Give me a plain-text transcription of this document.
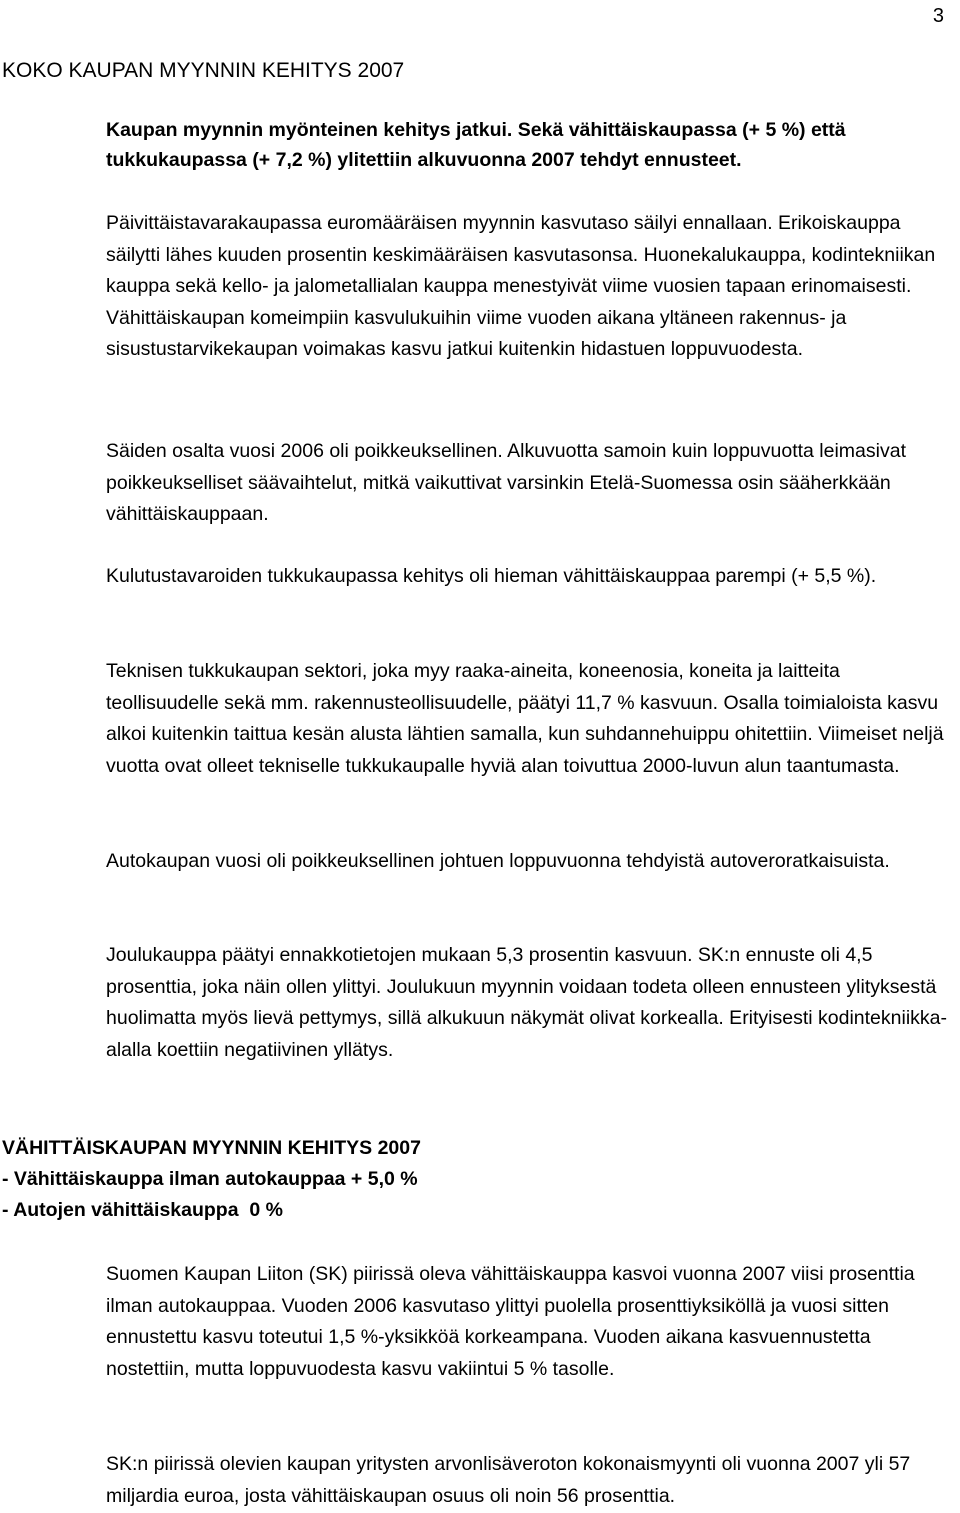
3
KOKO KAUPAN MYYNNIN KEHITYS 2007

Kaupan myynnin myönteinen kehitys jatkui. Sekä vähittäiskaupassa (+ 5 %) että tukkukaupassa (+ 7,2 %) ylitettiin alkuvuonna 2007 tehdyt ennusteet.

Päivittäistavarakaupassa euromääräisen myynnin kasvutaso säilyi ennallaan. Erikoiskauppa säilytti lähes kuuden prosentin keskimääräisen kasvutasonsa. Huonekalukauppa, kodintekniikan kauppa sekä kello- ja jalometallialan kauppa menestyivät viime vuosien tapaan erinomaisesti. Vähittäiskaupan komeimpiin kasvulukuihin viime vuoden aikana yltäneen rakennus- ja sisustustarvikekaupan voimakas kasvu jatkui kuitenkin hidastuen loppuvuodesta.

Säiden osalta vuosi 2006 oli poikkeuksellinen. Alkuvuotta samoin kuin loppuvuotta leimasivat poikkeukselliset säävaihtelut, mitkä vaikuttivat varsinkin Etelä-Suomessa osin sääherkkään vähittäiskauppaan.

Kulutustavaroiden tukkukaupassa kehitys oli hieman vähittäiskauppaa parempi (+ 5,5 %).

Teknisen tukkukaupan sektori, joka myy raaka-aineita, koneenosia, koneita ja laitteita teollisuudelle sekä mm. rakennusteollisuudelle, päätyi 11,7 % kasvuun. Osalla toimialoista kasvu alkoi kuitenkin taittua kesän alusta lähtien samalla, kun suhdannehuippu ohitettiin. Viimeiset neljä vuotta ovat olleet tekniselle tukkukaupalle hyviä alan toivuttua 2000-luvun alun taantumasta.

Autokaupan vuosi oli poikkeuksellinen johtuen loppuvuonna tehdyistä autoveroratkaisuista.

Joulukauppa päätyi ennakkotietojen mukaan 5,3 prosentin kasvuun. SK:n ennuste oli 4,5 prosenttia, joka näin ollen ylittyi. Joulukuun myynnin voidaan todeta olleen ennusteen ylityksestä huolimatta myös lievä pettymys, sillä alkukuun näkymät olivat korkealla. Erityisesti kodintekniikka-alalla koettiin negatiivinen yllätys.

VÄHITTÄISKAUPAN MYYNNIN KEHITYS 2007
- Vähittäiskauppa ilman autokauppaa + 5,0 %
- Autojen vähittäiskauppa  0 %

Suomen Kaupan Liiton (SK) piirissä oleva vähittäiskauppa kasvoi vuonna 2007 viisi prosenttia ilman autokauppaa. Vuoden 2006 kasvutaso ylittyi puolella prosenttiyksiköllä ja vuosi sitten ennustettu kasvu toteutui 1,5 %-yksikköä korkeampana. Vuoden aikana kasvuennustetta nostettiin, mutta loppuvuodesta kasvu vakiintui 5 % tasolle.

SK:n piirissä olevien kaupan yritysten arvonlisäveroton kokonaismyynti oli vuonna 2007 yli 57 miljardia euroa, josta vähittäiskaupan osuus oli noin 56 prosenttia.
